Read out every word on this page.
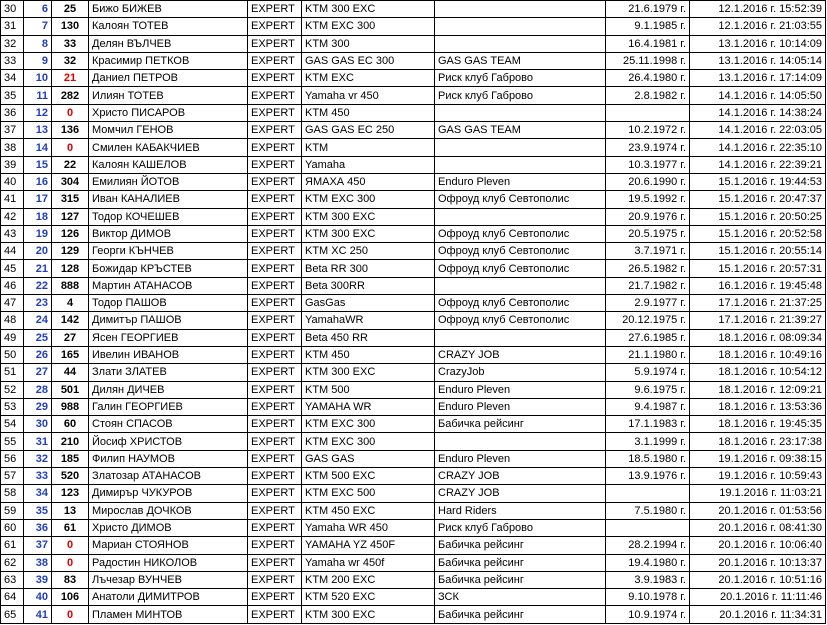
30	6	25	Бижо БИЖЕВ	EXPERT	KTM 300 EXC		21.6.1979 г.	12.1.2016 г. 15:52:39
31	7	130	Калоян ТОТЕВ	EXPERT	KTM EXC 300		9.1.1985 г.	12.1.2016 г. 21:03:55
32	8	33	Делян ВЪЛЧЕВ	EXPERT	KTM 300		16.4.1981 г.	13.1.2016 г. 10:14:09
33	9	32	Красимир ПЕТКОВ	EXPERT	GAS GAS EC 300	GAS GAS TEAM	25.11.1998 г.	13.1.2016 г. 14:05:14
34	10	21	Даниел ПЕТРОВ	EXPERT	KTM EXC	Риск клуб Габрово	26.4.1980 г.	13.1.2016 г. 17:14:09
35	11	282	Илиян ТОТЕВ	EXPERT	Yamaha vr 450	Риск клуб Габрово	2.8.1982 г.	14.1.2016 г. 14:05:50
36	12	0	Христо ПИСАРОВ	EXPERT	KTM 450			14.1.2016 г. 14:38:24
37	13	136	Момчил ГЕНОВ	EXPERT	GAS GAS EC 250	GAS GAS TEAM	10.2.1972 г.	14.1.2016 г. 22:03:05
38	14	0	Смилен КАБАКЧИЕВ	EXPERT	KTM		23.9.1974 г.	14.1.2016 г. 22:35:10
39	15	22	Калоян КАШЕЛОВ	EXPERT	Yamaha		10.3.1977 г.	14.1.2016 г. 22:39:21
40	16	304	Емилиян ЙОТОВ	EXPERT	ЯМАХА 450	Enduro Pleven	20.6.1990 г.	15.1.2016 г. 19:44:53
41	17	315	Иван КАНАЛИЕВ	EXPERT	KTM EXC 300	Офроуд клуб Севтополис	19.5.1992 г.	15.1.2016 г. 20:47:37
42	18	127	Тодор КОЧЕШЕВ	EXPERT	KTM 300 EXC		20.9.1976 г.	15.1.2016 г. 20:50:25
43	19	126	Виктор ДИМОВ	EXPERT	KTM 300 EXC	Офроуд клуб Севтополис	20.5.1975 г.	15.1.2016 г. 20:52:58
44	20	129	Георги КЪНЧЕВ	EXPERT	KTM XC 250	Офроуд клуб Севтополис	3.7.1971 г.	15.1.2016 г. 20:55:14
45	21	128	Божидар КРЪСТЕВ	EXPERT	Beta RR 300	Офроуд клуб Севтополис	26.5.1982 г.	15.1.2016 г. 20:57:31
46	22	888	Мартин АТАНАСОВ	EXPERT	Beta 300RR		21.7.1982 г.	16.1.2016 г. 19:45:48
47	23	4	Тодор ПАШОВ	EXPERT	GasGas	Офроуд клуб Севтополис	2.9.1977 г.	17.1.2016 г. 21:37:25
48	24	142	Димитър ПАШОВ	EXPERT	YamahaWR	Офроуд клуб Севтополис	20.12.1975 г.	17.1.2016 г. 21:39:27
49	25	27	Ясен ГЕОРГИЕВ	EXPERT	Beta 450 RR		27.6.1985 г.	18.1.2016 г. 08:09:34
50	26	165	Ивелин ИВАНОВ	EXPERT	KTM 450	CRAZY JOB	21.1.1980 г.	18.1.2016 г. 10:49:16
51	27	44	Злати ЗЛАТЕВ	EXPERT	KTM 300 EXC	CrazyJob	5.9.1974 г.	18.1.2016 г. 10:54:12
52	28	501	Дилян ДИЧЕВ	EXPERT	KTM 500	Enduro Pleven	9.6.1975 г.	18.1.2016 г. 12:09:21
53	29	988	Галин ГЕОРГИЕВ	EXPERT	YAMAHA WR	Enduro Pleven	9.4.1987 г.	18.1.2016 г. 13:53:36
54	30	60	Стоян СПАСОВ	EXPERT	KTM EXC 300	Бабичка рейсинг	17.1.1983 г.	18.1.2016 г. 19:45:35
55	31	210	Йосиф ХРИСТОВ	EXPERT	KTM EXC 300		3.1.1999 г.	18.1.2016 г. 23:17:38
56	32	185	Филип НАУМОВ	EXPERT	GAS GAS	Enduro Pleven	18.5.1980 г.	19.1.2016 г. 09:38:15
57	33	520	Златозар АТАНАСОВ	EXPERT	KTM 500 EXC	CRAZY JOB	13.9.1976 г.	19.1.2016 г. 10:59:43
58	34	123	Димирър ЧУКУРОВ	EXPERT	KTM EXC 500	CRAZY JOB		19.1.2016 г. 11:03:21
59	35	13	Мирослав ДОЧКОВ	EXPERT	KTM 450 EXC	Hard Riders	7.5.1980 г.	20.1.2016 г. 01:53:56
60	36	61	Христо ДИМОВ	EXPERT	Yamaha WR 450	Риск клуб Габрово		20.1.2016 г. 08:41:30
61	37	0	Мариан СТОЯНОВ	EXPERT	YAMAHA YZ 450F	Бабичка рейсинг	28.2.1994 г.	20.1.2016 г. 10:06:40
62	38	0	Радостин НИКОЛОВ	EXPERT	Yamaha wr 450f	Бабичка рейсинг	19.4.1980 г.	20.1.2016 г. 10:13:37
63	39	83	Лъчезар ВУНЧЕВ	EXPERT	KTM 200 EXC	Бабичка рейсинг	3.9.1983 г.	20.1.2016 г. 10:51:16
64	40	106	Анатоли ДИМИТРОВ	EXPERT	KTM 520 EXC	ЗСК	9.10.1978 г.	20.1.2016 г. 11:11:46
65	41	0	Пламен МИНТОВ	EXPERT	KTM 300 EXC	Бабичка рейсинг	10.9.1974 г.	20.1.2016 г. 11:34:31
